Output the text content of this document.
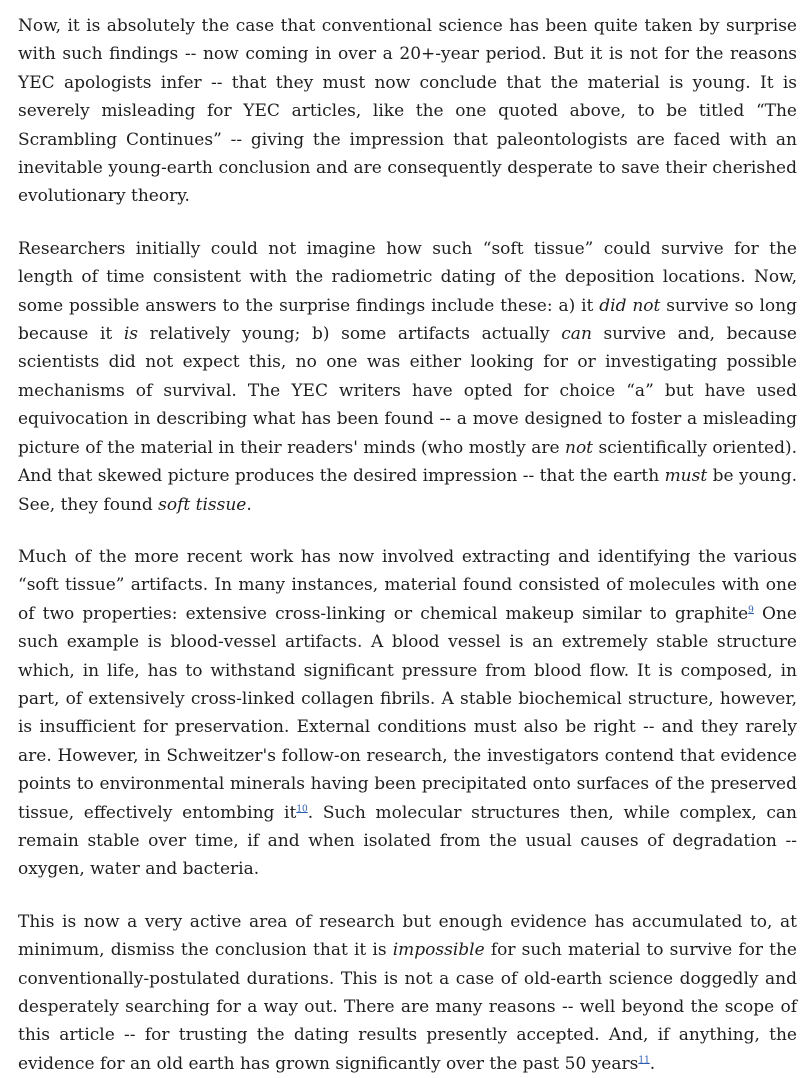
Now, it is absolutely the case that conventional science has been quite taken by surprise with such findings -- now coming in over a 20+-year period. But it is not for the reasons YEC apologists infer -- that they must now conclude that the material is young. It is severely misleading for YEC articles, like the one quoted above, to be titled “The Scrambling Continues” -- giving the impression that paleontologists are faced with an inevitable young-earth conclusion and are consequently desperate to save their cherished evolutionary theory.

Researchers initially could not imagine how such “soft tissue” could survive for the length of time consistent with the radiometric dating of the deposition locations. Now, some possible answers to the surprise findings include these: a) it did not survive so long because it is relatively young; b) some artifacts actually can survive and, because scientists did not expect this, no one was either looking for or investigating possible mechanisms of survival. The YEC writers have opted for choice “a” but have used equivocation in describing what has been found -- a move designed to foster a misleading picture of the material in their readers' minds (who mostly are not scientifically oriented). And that skewed picture produces the desired impression -- that the earth must be young. See, they found soft tissue.

Much of the more recent work has now involved extracting and identifying the various “soft tissue” artifacts. In many instances, material found consisted of molecules with one of two properties: extensive cross-linking or chemical makeup similar to graphite$^9$ One such example is blood-vessel artifacts. A blood vessel is an extremely stable structure which, in life, has to withstand significant pressure from blood flow. It is composed, in part, of extensively cross-linked collagen fibrils. A stable biochemical structure, however, is insufficient for preservation. External conditions must also be right -- and they rarely are. However, in Schweitzer's follow-on research, the investigators contend that evidence points to environmental minerals having been precipitated onto surfaces of the preserved tissue, effectively entombing it$^{10}$. Such molecular structures then, while complex, can remain stable over time, if and when isolated from the usual causes of degradation -- oxygen, water and bacteria.

This is now a very active area of research but enough evidence has accumulated to, at minimum, dismiss the conclusion that it is impossible for such material to survive for the conventionally-postulated durations. This is not a case of old-earth science doggedly and desperately searching for a way out. There are many reasons -- well beyond the scope of this article -- for trusting the dating results presently accepted. And, if anything, the evidence for an old earth has grown significantly over the past 50 years$^{11}$.
